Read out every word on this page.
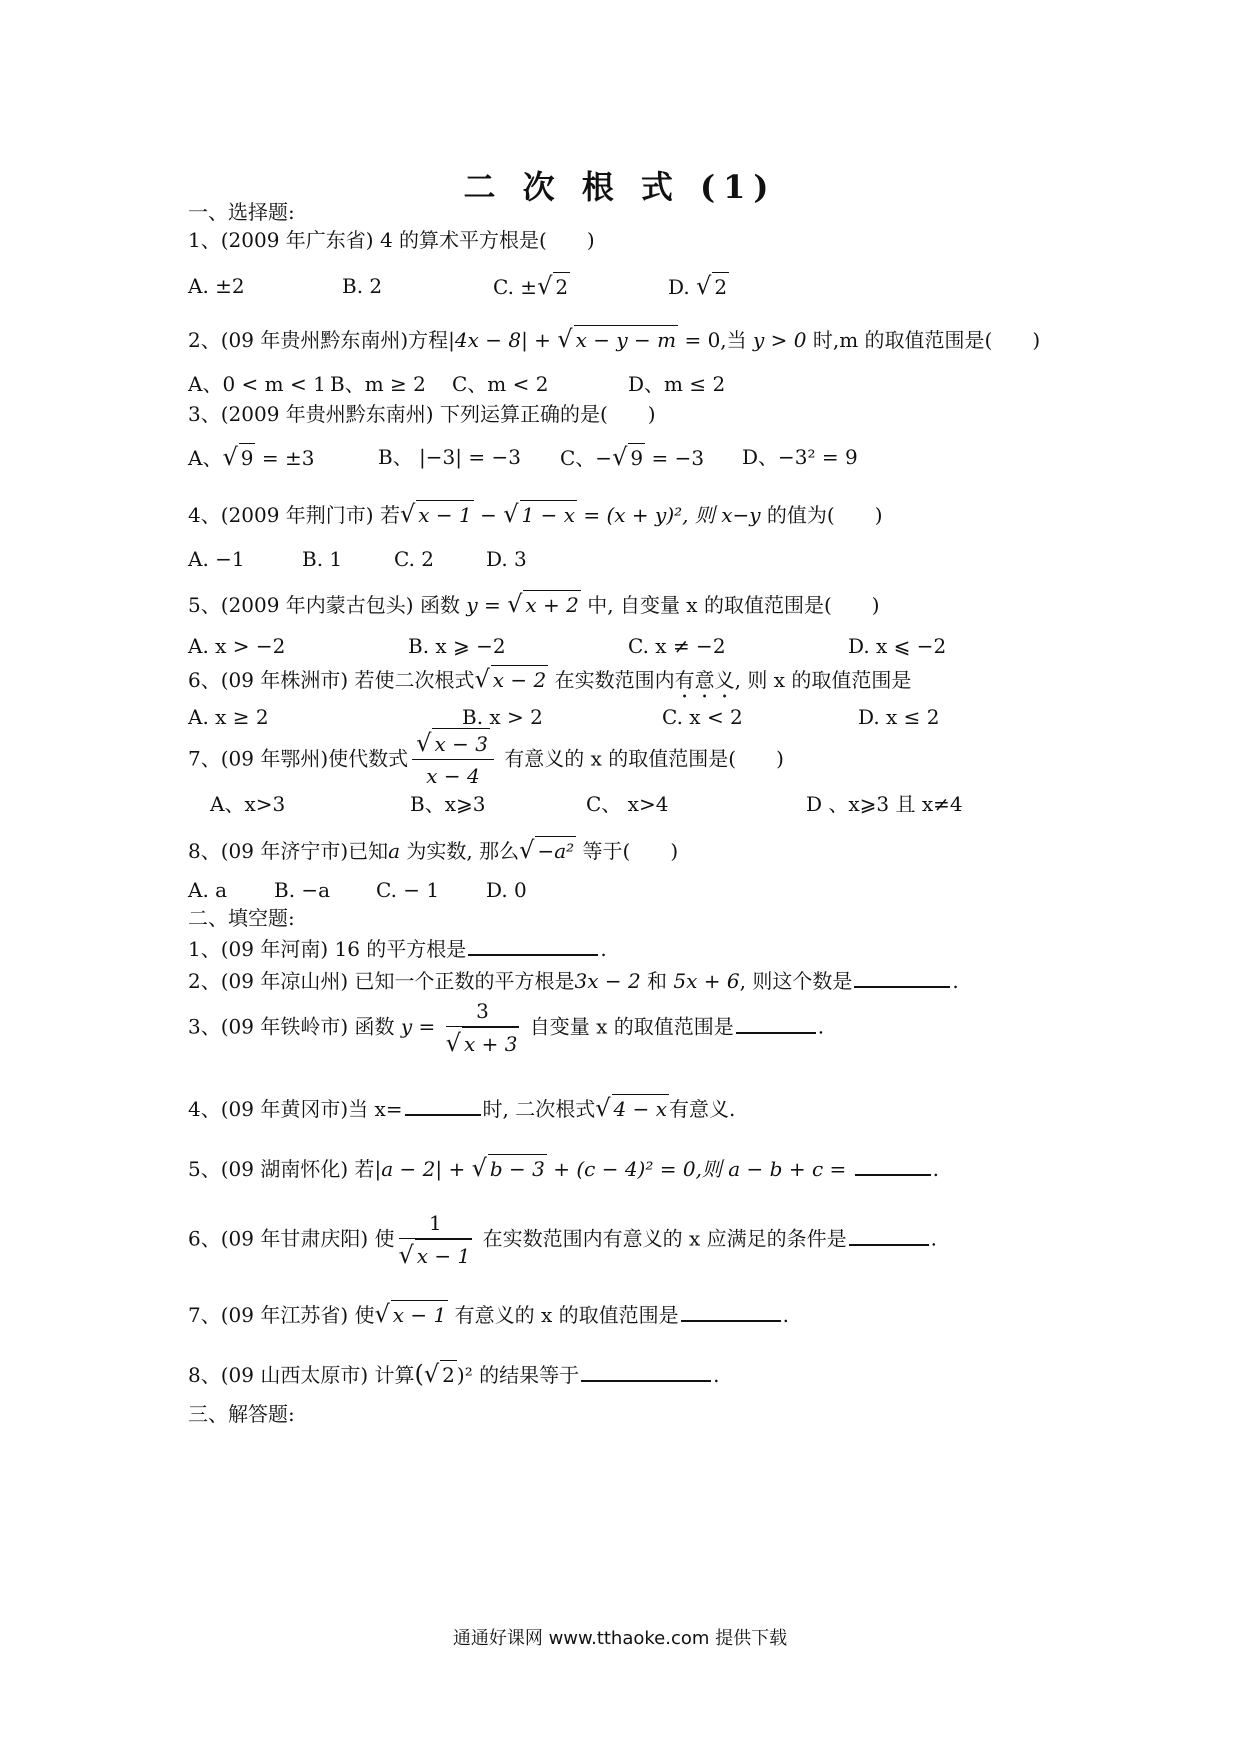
二 次 根 式 (1)
一、选择题:
1、(2009 年广东省) 4 的算术平方根是( )
A. ±2	B. 2	C. ±√ 2	D. √ 2
2、(09 年贵州黔东南州)方程|4x − 8| + √ x − y − m = 0,当 y > 0 时,m 的取值范围是( )
A、0 < m < 1 B、m ≥ 2 C、m < 2	D、m ≤ 2
3、(2009 年贵州黔东南州) 下列运算正确的是( )
A、√ 9 = ±3	B、 |−3| = −3 C、−√ 9 = −3 D、−3² = 9
4、(2009 年荆门市) 若√ x − 1 − √ 1 − x = (x + y)², 则 x−y 的值为( )
A. −1	B. 1	C. 2	D. 3
5、(2009 年内蒙古包头) 函数 y = √ x + 2 中, 自变量 x 的取值范围是( )
A. x > −2	B. x ⩾ −2	C. x ≠ −2	D. x ⩽ −2
6、(09 年株洲市) 若使二次根式√ x − 2 在实数范围内有意义, 则 x 的取值范围是
A. x ≥ 2	B. x > 2	C. x < 2	D. x ≤ 2
7、(09 年鄂州)使代数式 $\frac{√ x - 3}{x - 4}$ 有意义的 x 的取值范围是( )
A、x>3	B、x⩾3	C、 x>4	D 、x⩾3 且 x≠4
8、(09 年济宁市)已知a 为实数, 那么√ −a² 等于( )
A. a B. −a C. − 1 D. 0
二、填空题:
1、(09 年河南) 16 的平方根是	.
2、(09 年凉山州) 已知一个正数的平方根是3x − 2 和 5x + 6, 则这个数是	.
3、(09 年铁岭市) 函数 $y = \frac{3}{√ x + 3}$ 自变量 x 的取值范围是	.
4、(09 年黄冈市)当 x=	时, 二次根式√ 4 − x 有意义.
5、(09 湖南怀化) 若|a − 2| + √ b − 3 + (c − 4)² = 0,则 a − b + c =	.
6、(09 年甘肃庆阳) 使 $\frac{1}{√ x - 1}$ 在实数范围内有意义的 x 应满足的条件是	.
7、(09 年江苏省) 使√ x − 1 有意义的 x 的取值范围是	.
8、(09 山西太原市) 计算(√ 2 )² 的结果等于	.
三、解答题:
通通好课网 www.tthaoke.com 提供下载
